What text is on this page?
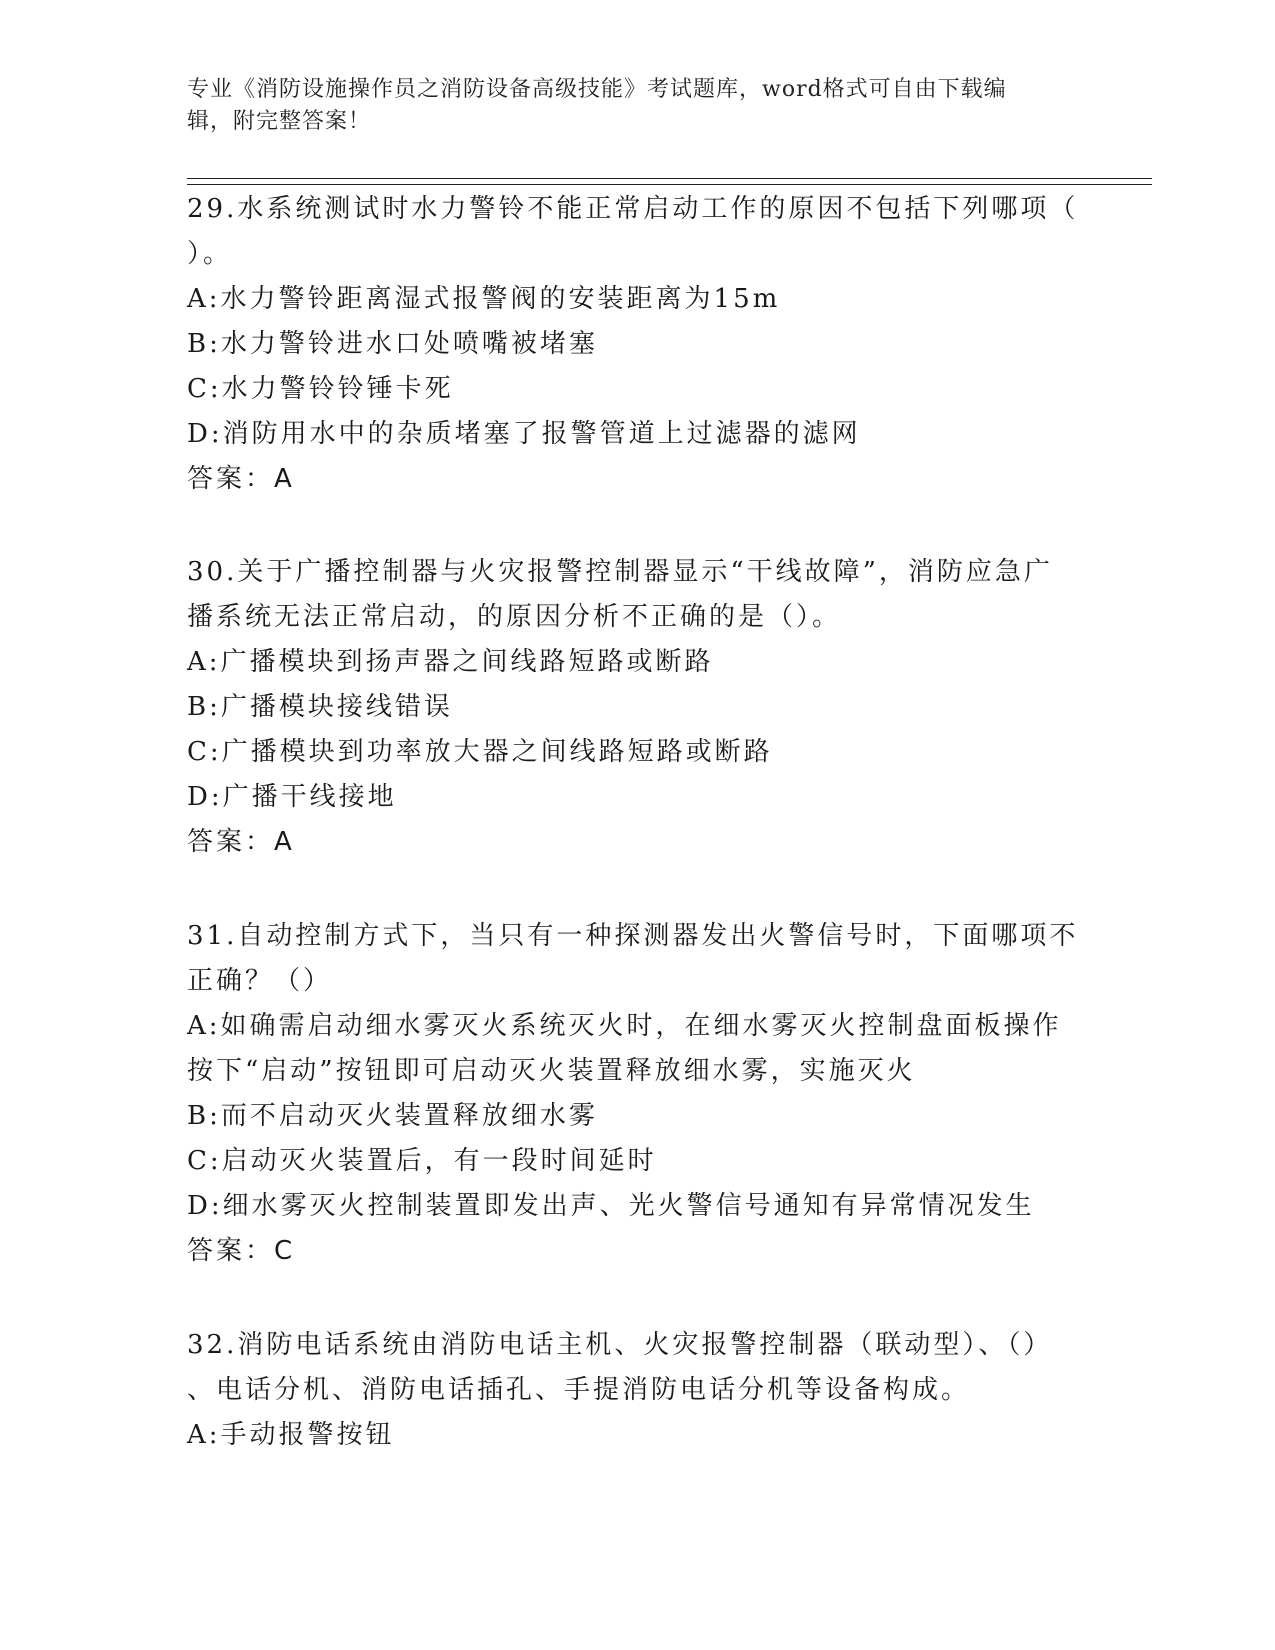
专业《消防设施操作员之消防设备高级技能》考试题库，word格式可自由下载编
辑，附完整答案！
29.水系统测试时水力警铃不能正常启动工作的原因不包括下列哪项（
）。
A:水力警铃距离湿式报警阀的安装距离为15m
B:水力警铃进水口处喷嘴被堵塞
C:水力警铃铃锤卡死
D:消防用水中的杂质堵塞了报警管道上过滤器的滤网
答案：A
30.关于广播控制器与火灾报警控制器显示“干线故障”，消防应急广
播系统无法正常启动，的原因分析不正确的是（）。
A:广播模块到扬声器之间线路短路或断路
B:广播模块接线错误
C:广播模块到功率放大器之间线路短路或断路
D:广播干线接地
答案：A
31.自动控制方式下，当只有一种探测器发出火警信号时，下面哪项不
正确？（）
A:如确需启动细水雾灭火系统灭火时，在细水雾灭火控制盘面板操作
按下“启动”按钮即可启动灭火装置释放细水雾，实施灭火
B:而不启动灭火装置释放细水雾
C:启动灭火装置后，有一段时间延时
D:细水雾灭火控制装置即发出声、光火警信号通知有异常情况发生
答案：C
32.消防电话系统由消防电话主机、火灾报警控制器（联动型）、（）
、电话分机、消防电话插孔、手提消防电话分机等设备构成。
A:手动报警按钮
